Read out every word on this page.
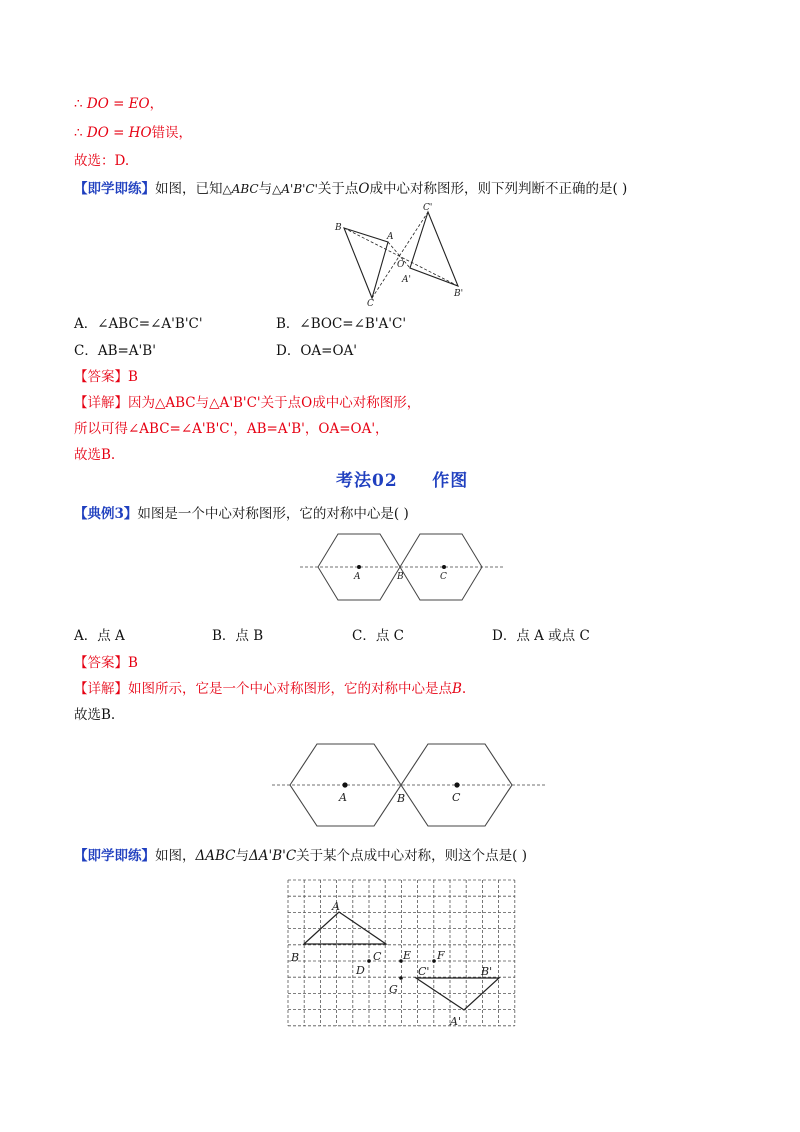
∴ DO = EO，
∴ DO = HO错误，
故选：D.
【即学即练】如图，已知△ABC与△A'B'C'关于点O成中心对称图形，则下列判断不正确的是( )
B
A
O
C
C'
A'
B'
A．∠ABC=∠A'B'C'	B．∠BOC=∠B'A'C'
C．AB=A'B'	D．OA=OA'
【答案】B
【详解】因为△ABC与△A'B'C'关于点O成中心对称图形，
所以可得∠ABC=∠A'B'C'，AB=A'B'，OA=OA'，
故选B.
考法02     作图
【典例3】如图是一个中心对称图形，它的对称中心是( )
A	B	C
A．点 A	B．点 B	C．点 C	D．点 A 或点 C
【答案】B
【详解】如图所示，它是一个中心对称图形，它的对称中心是点B.
故选B.
A	B	C
【即学即练】如图，ΔABC与ΔA'B'C关于某个点成中心对称，则这个点是( )
A
B	C
D
E F
G
C'	B'
A'
